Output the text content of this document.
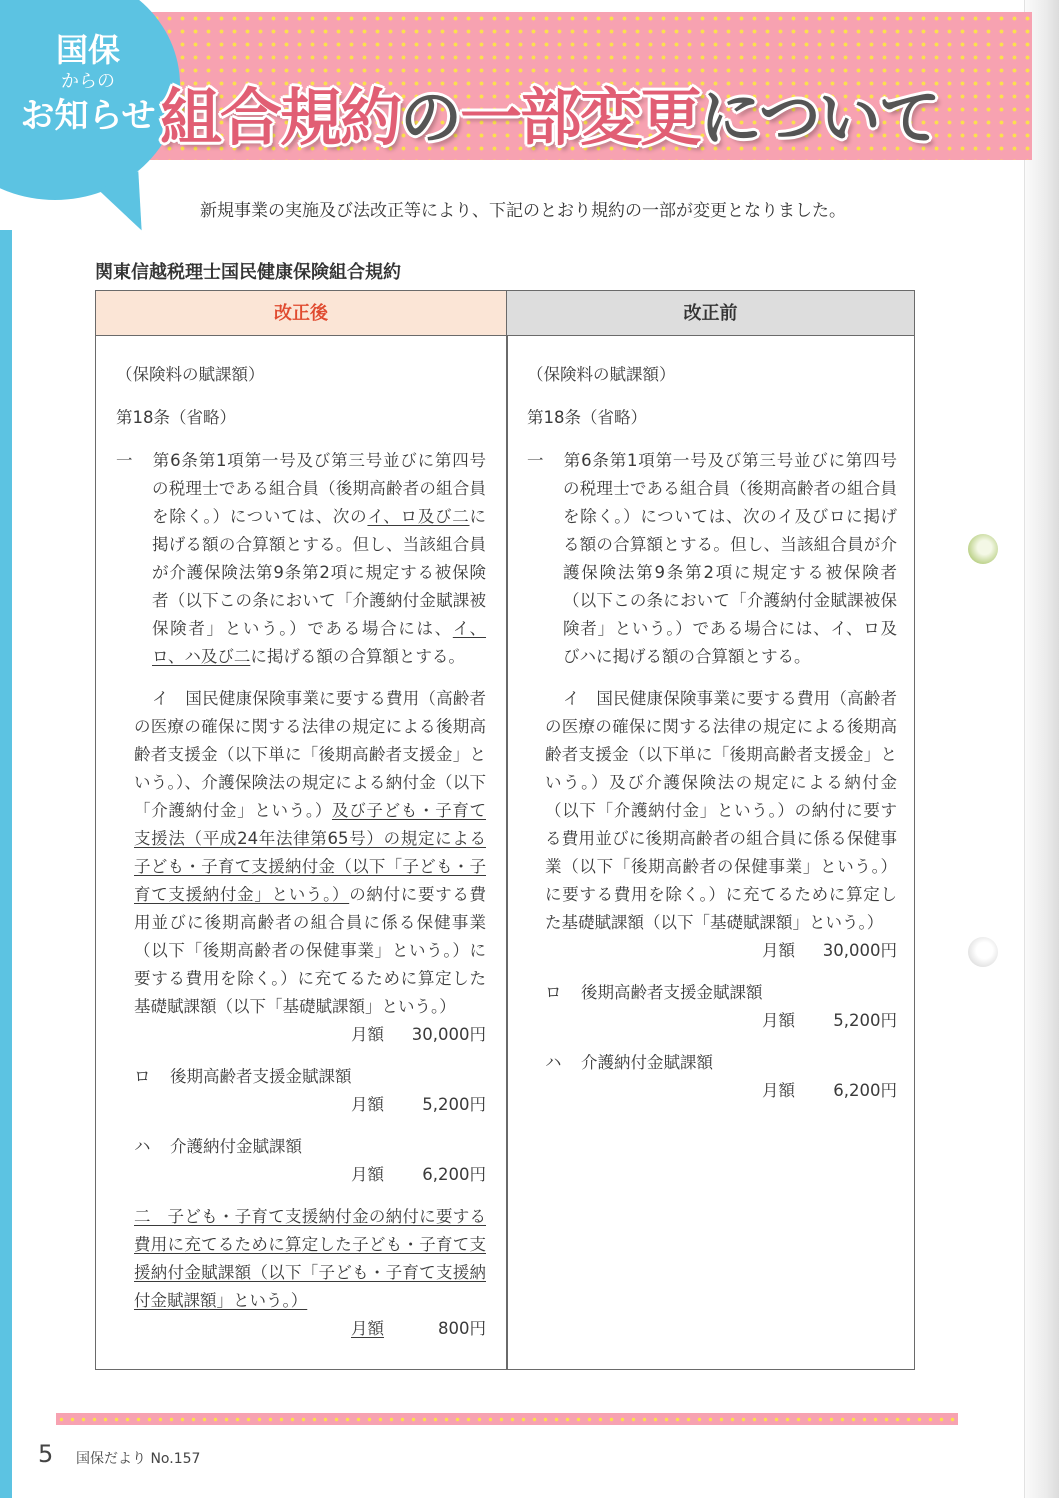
国保
からの
お知らせ 組合規約の一部変更について
新規事業の実施及び法改正等により、下記のとおり規約の一部が変更となりました。
関東信越税理士国民健康保険組合規約
改正後	改正前

（保険料の賦課額）

第18条（省略）

一 第6条第1項第一号及び第三号並びに第四号の税理士である組合員（後期高齢者の組合員を除く。）については、次のイ、ロ及び二に掲げる額の合算額とする。但し、当該組合員が介護保険法第9条第2項に規定する被保険者（以下この条において「介護納付金賦課被保険者」という。）である場合には、イ、ロ、ハ及び二に掲げる額の合算額とする。

イ　国民健康保険事業に要する費用（高齢者の医療の確保に関する法律の規定による後期高齢者支援金（以下単に「後期高齢者支援金」という。）、介護保険法の規定による納付金（以下「介護納付金」という。）及び子ども・子育て支援法（平成24年法律第65号）の規定による子ども・子育て支援納付金（以下「子ども・子育て支援納付金」という。）の納付に要する費用並びに後期高齢者の組合員に係る保健事業（以下「後期高齢者の保健事業」という。）に要する費用を除く。）に充てるために算定した基礎賦課額（以下「基礎賦課額」という。）

月額 30,000円

ロ 後期高齢者支援金賦課額

月額 5,200円

ハ 介護納付金賦課額

月額 6,200円

二　子ども・子育て支援納付金の納付に要する費用に充てるために算定した子ども・子育て支援納付金賦課額（以下「子ども・子育て支援納付金賦課額」という。）

月額	800円

（保険料の賦課額）

第18条（省略）

一 第6条第1項第一号及び第三号並びに第四号の税理士である組合員（後期高齢者の組合員を除く。）については、次のイ及びロに掲げる額の合算額とする。但し、当該組合員が介護保険法第9条第2項に規定する被保険者（以下この条において「介護納付金賦課被保険者」という。）である場合には、イ、ロ及びハに掲げる額の合算額とする。

イ　国民健康保険事業に要する費用（高齢者の医療の確保に関する法律の規定による後期高齢者支援金（以下単に「後期高齢者支援金」という。）及び介護保険法の規定による納付金（以下「介護納付金」という。）の納付に要する費用並びに後期高齢者の組合員に係る保健事業（以下「後期高齢者の保健事業」という。）に要する費用を除く。）に充てるために算定した基礎賦課額（以下「基礎賦課額」という。）

月額 30,000円

ロ 後期高齢者支援金賦課額

月額 5,200円

ハ 介護納付金賦課額

月額 6,200円

5 国保だより No.157
